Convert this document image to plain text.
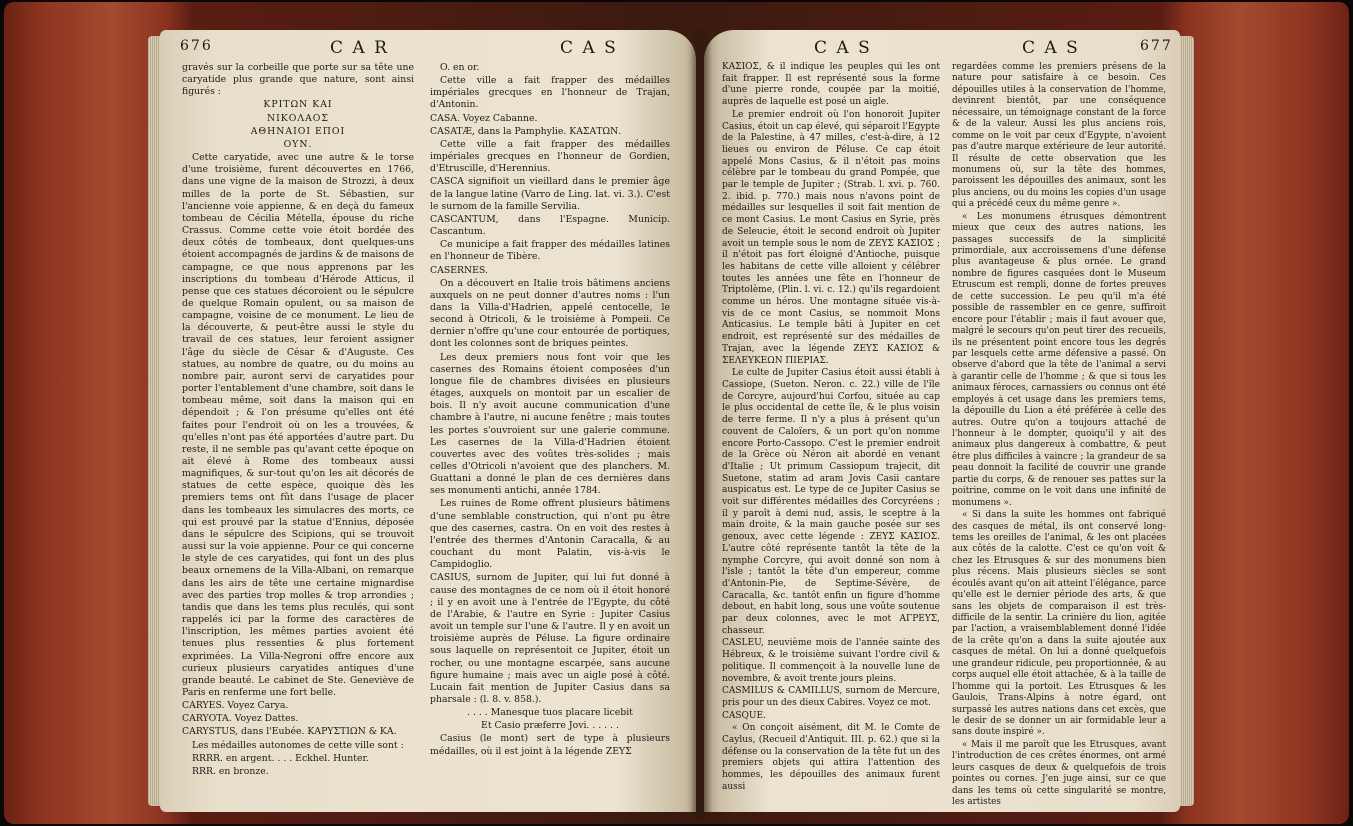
676	C A R	C A S

gravés sur la corbeille que porte sur sa tête une caryatide plus grande que nature, sont ainsi figurés :

ΚΡΙΤΩΝ ΚΑΙ

ΝΙΚΟΛΑΟΣ

ΑΘΗΝΑΙΟΙ ΕΠΟΙ

ΟΥΝ.

Cette caryatide, avec une autre & le torse d'une troisième, furent découvertes en 1766, dans une vigne de la maison de Strozzi, à deux milles de la porte de St. Sébastien, sur l'ancienne voie appienne, & en deçà du fameux tombeau de Cécilia Métella, épouse du riche Crassus. Comme cette voie étoit bordée des deux côtés de tombeaux, dont quelques-uns étoient accompagnés de jardins & de maisons de campagne, ce que nous apprenons par les inscriptions du tombeau d'Hérode Atticus, il pense que ces statues décoroient ou le sépulcre de quelque Romain opulent, ou sa maison de campagne, voisine de ce monument. Le lieu de la découverte, & peut-être aussi le style du travail de ces statues, leur feroient assigner l'âge du siècle de César & d'Auguste. Ces statues, au nombre de quatre, ou du moins au nombre pair, auront servi de caryatides pour porter l'entablement d'une chambre, soit dans le tombeau même, soit dans la maison qui en dépendoit ; & l'on présume qu'elles ont été faites pour l'endroit où on les a trouvées, & qu'elles n'ont pas été apportées d'autre part. Du reste, il ne semble pas qu'avant cette époque on ait élevé à Rome des tombeaux aussi magnifiques, & sur-tout qu'on les ait décorés de statues de cette espèce, quoique dès les premiers tems ont fût dans l'usage de placer dans les tombeaux les simulacres des morts, ce qui est prouvé par la statue d'Ennius, déposée dans le sépulcre des Scipions, qui se trouvoit aussi sur la voie appienne. Pour ce qui concerne le style de ces caryatides, qui font un des plus beaux ornemens de la Villa-Albani, on remarque dans les airs de tête une certaine mignardise avec des parties trop molles & trop arrondies ; tandis que dans les tems plus reculés, qui sont rappelés ici par la forme des caractères de l'inscription, les mêmes parties avoient été tenues plus ressenties & plus fortement exprimées. La Villa-Negroni offre encore aux curieux plusieurs caryatides antiques d'une grande beauté. Le cabinet de Ste. Geneviève de Paris en renferme une fort belle.

CARYES. Voyez Carya.

CARYOTA. Voyez Dattes.

CARYSTUS, dans l'Eubée. ΚΑΡΥΣΤΙΩΝ & ΚΑ.

Les médailles autonomes de cette ville sont :

RRRR. en argent. . . . Eckhel. Hunter.

RRR. en bronze.

O. en or.

Cette ville a fait frapper des médailles impériales grecques en l'honneur de Trajan, d'Antonin.

CASA. Voyez Cabanne.

CASATÆ, dans la Pamphylie. ΚΑΣΑΤΩΝ.

Cette ville a fait frapper des médailles impériales grecques en l'honneur de Gordien, d'Etruscille, d'Herennius.

CASCA signifioit un vieillard dans le premier âge de la langue latine (Varro de Ling. lat. vi. 3.). C'est le surnom de la famille Servilia.

CASCANTUM, dans l'Espagne. Municip. Cascantum.

Ce municipe a fait frapper des médailles latines en l'honneur de Tibère.

CASERNES.

On a découvert en Italie trois bâtimens anciens auxquels on ne peut donner d'autres noms : l'un dans la Villa-d'Hadrien, appelé centocelle, le second à Otricoli, & le troisième à Pompeii. Ce dernier n'offre qu'une cour entourée de portiques, dont les colonnes sont de briques peintes.

Les deux premiers nous font voir que les casernes des Romains étoient composées d'un longue file de chambres divisées en plusieurs étages, auxquels on montoit par un escalier de bois. Il n'y avoit aucune communication d'une chambre à l'autre, ni aucune fenêtre ; mais toutes les portes s'ouvroient sur une galerie commune. Les casernes de la Villa-d'Hadrien étoient couvertes avec des voûtes très-solides ; mais celles d'Otricoli n'avoient que des planchers. M. Guattani a donné le plan de ces dernières dans ses monumenti antichi, année 1784.

Les ruines de Rome offrent plusieurs bâtimens d'une semblable construction, qui n'ont pu être que des casernes, castra. On en voit des restes à l'entrée des thermes d'Antonin Caracalla, & au couchant du mont Palatin, vis-à-vis le Campidoglio.

CASIUS, surnom de Jupiter, qui lui fut donné à cause des montagnes de ce nom où il étoit honoré ; il y en avoit une à l'entrée de l'Egypte, du côté de l'Arabie, & l'autre en Syrie : Jupiter Casius avoit un temple sur l'une & l'autre. Il y en avoit un troisième auprès de Péluse. La figure ordinaire sous laquelle on représentoit ce Jupiter, étoit un rocher, ou une montagne escarpée, sans aucune figure humaine ; mais avec un aigle posé à côté. Lucain fait mention de Jupiter Casius dans sa pharsale : (l. 8. v. 858.).

. . . . Manesque tuos placare licebit

Et Casio præferre Jovi. . . . . .

Casius (le mont) sert de type à plusieurs médailles, où il est joint à la légende ΖΕΥΣ

C A S	C A S	677

ΚΑΣΙΟΣ, & il indique les peuples qui les ont fait frapper. Il est représenté sous la forme d'une pierre ronde, coupée par la moitié, auprès de laquelle est posé un aigle.

Le premier endroit où l'on honoroit Jupiter Casius, étoit un cap élevé, qui séparoit l'Egypte de la Palestine, à 47 milles, c'est-à-dire, à 12 lieues ou environ de Péluse. Ce cap étoit appelé Mons Casius, & il n'étoit pas moins célèbre par le tombeau du grand Pompée, que par le temple de Jupiter ; (Strab. l. xvi. p. 760. 2. ibid. p. 770.) mais nous n'avons point de médailles sur lesquelles il soit fait mention de ce mont Casius. Le mont Casius en Syrie, près de Seleucie, étoit le second endroit où Jupiter avoit un temple sous le nom de ΖΕΥΣ ΚΑΣΙΟΣ ; il n'étoit pas fort éloigné d'Antioche, puisque les habitans de cette ville alloient y célébrer toutes les années une fête en l'honneur de Triptolème, (Plin. l. vi. c. 12.) qu'ils regardoient comme un héros. Une montagne située vis-à-vis de ce mont Casius, se nommoit Mons Anticasius. Le temple bâti à Jupiter en cet endroit, est représenté sur des médailles de Trajan, avec la légende ΖΕΥΣ ΚΑΣΙΟΣ & ΣΕΛΕΥΚΕΩΝ ΠΙΕΡΙΑΣ.

Le culte de Jupiter Casius étoit aussi établi à Cassiope, (Sueton. Neron. c. 22.) ville de l'île de Corcyre, aujourd'hui Corfou, située au cap le plus occidental de cette île, & le plus voisin de terre ferme. Il n'y a plus à présent qu'un couvent de Caloïers, & un port qu'on nomme encore Porto-Cassopo. C'est le premier endroit de la Grèce où Néron ait abordé en venant d'Italie ; Ut primum Cassiopum trajecit, dit Suetone, statim ad aram Jovis Casii cantare auspicatus est. Le type de ce Jupiter Casius se voit sur différentes médailles des Corcyréens ; il y paroît à demi nud, assis, le sceptre à la main droite, & la main gauche posée sur ses genoux, avec cette légende : ΖΕΥΣ ΚΑΣΙΟΣ. L'autre côté représente tantôt la tête de la nymphe Corcyre, qui avoit donné son nom à l'isle ; tantôt la tête d'un empereur, comme d'Antonin-Pie, de Septime-Sévère, de Caracalla, &c. tantôt enfin un figure d'homme debout, en habit long, sous une voûte soutenue par deux colonnes, avec le mot ΑΓΡΕΥΣ, chasseur.

CASLEU, neuvième mois de l'année sainte des Hébreux, & le troisième suivant l'ordre civil & politique. Il commençoit à la nouvelle lune de novembre, & avoit trente jours pleins.

CASMILUS & CAMILLUS, surnom de Mercure, pris pour un des dieux Cabires. Voyez ce mot.

CASQUE.

« On conçoit aisément, dit M. le Comte de Caylus, (Recueil d'Antiquit. III. p. 62.) que si la défense ou la conservation de la tête fut un des premiers objets qui attira l'attention des hommes, les dépouilles des animaux furent aussi

regardées comme les premiers présens de la nature pour satisfaire à ce besoin. Ces dépouilles utiles à la conservation de l'homme, devinrent bientôt, par une conséquence nécessaire, un témoignage constant de la force & de la valeur. Aussi les plus anciens rois, comme on le voit par ceux d'Egypte, n'avoient pas d'autre marque extérieure de leur autorité. Il résulte de cette observation que les monumens où, sur la tête des hommes, paroissent les dépouilles des animaux, sont les plus anciens, ou du moins les copies d'un usage qui a précédé ceux du même genre ».

« Les monumens étrusques démontrent mieux que ceux des autres nations, les passages successifs de la simplicité primordiale, aux accroissemens d'une défense plus avantageuse & plus ornée. Le grand nombre de figures casquées dont le Museum Etruscum est rempli, donne de fortes preuves de cette succession. Le peu qu'il m'a été possible de rassembler en ce genre, suffiroit encore pour l'établir ; mais il faut avouer que, malgré le secours qu'on peut tirer des recueils, ils ne présentent point encore tous les degrés par lesquels cette arme défensive a passé. On observe d'abord que la tête de l'animal a servi à garantir celle de l'homme ; & que si tous les animaux féroces, carnassiers ou connus ont été employés à cet usage dans les premiers tems, la dépouille du Lion a été préférée à celle des autres. Outre qu'on a toujours attaché de l'honneur à le dompter, quoiqu'il y ait des animaux plus dangereux à combattre, & peut être plus difficiles à vaincre ; la grandeur de sa peau donnoit la facilité de couvrir une grande partie du corps, & de renouer ses pattes sur la poitrine, comme on le voit dans une infinité de monumens ».

« Si dans la suite les hommes ont fabriqué des casques de métal, ils ont conservé long-tems les oreilles de l'animal, & les ont placées aux côtés de la calotte. C'est ce qu'on voit & chez les Etrusques & sur des monumens bien plus récens. Mais plusieurs siècles se sont écoulés avant qu'on ait atteint l'élégance, parce qu'elle est le dernier période des arts, & que sans les objets de comparaison il est très-difficile de la sentir. La crinière du lion, agitée par l'action, a vraisemblablement donné l'idée de la crête qu'on a dans la suite ajoutée aux casques de métal. On lui a donné quelquefois une grandeur ridicule, peu proportionnée, & au corps auquel elle étoit attachée, & à la taille de l'homme qui la portoit. Les Etrusques & les Gaulois, Trans-Alpins à notre égard, ont surpassé les autres nations dans cet excès, que le desir de se donner un air formidable leur a sans doute inspiré ».

« Mais il me paroît que les Etrusques, avant l'introduction de ces crêtes énormes, ont armé leurs casques de deux & quelquefois de trois pointes ou cornes. J'en juge ainsi, sur ce que dans les tems où cette singularité se montre, les artistes
